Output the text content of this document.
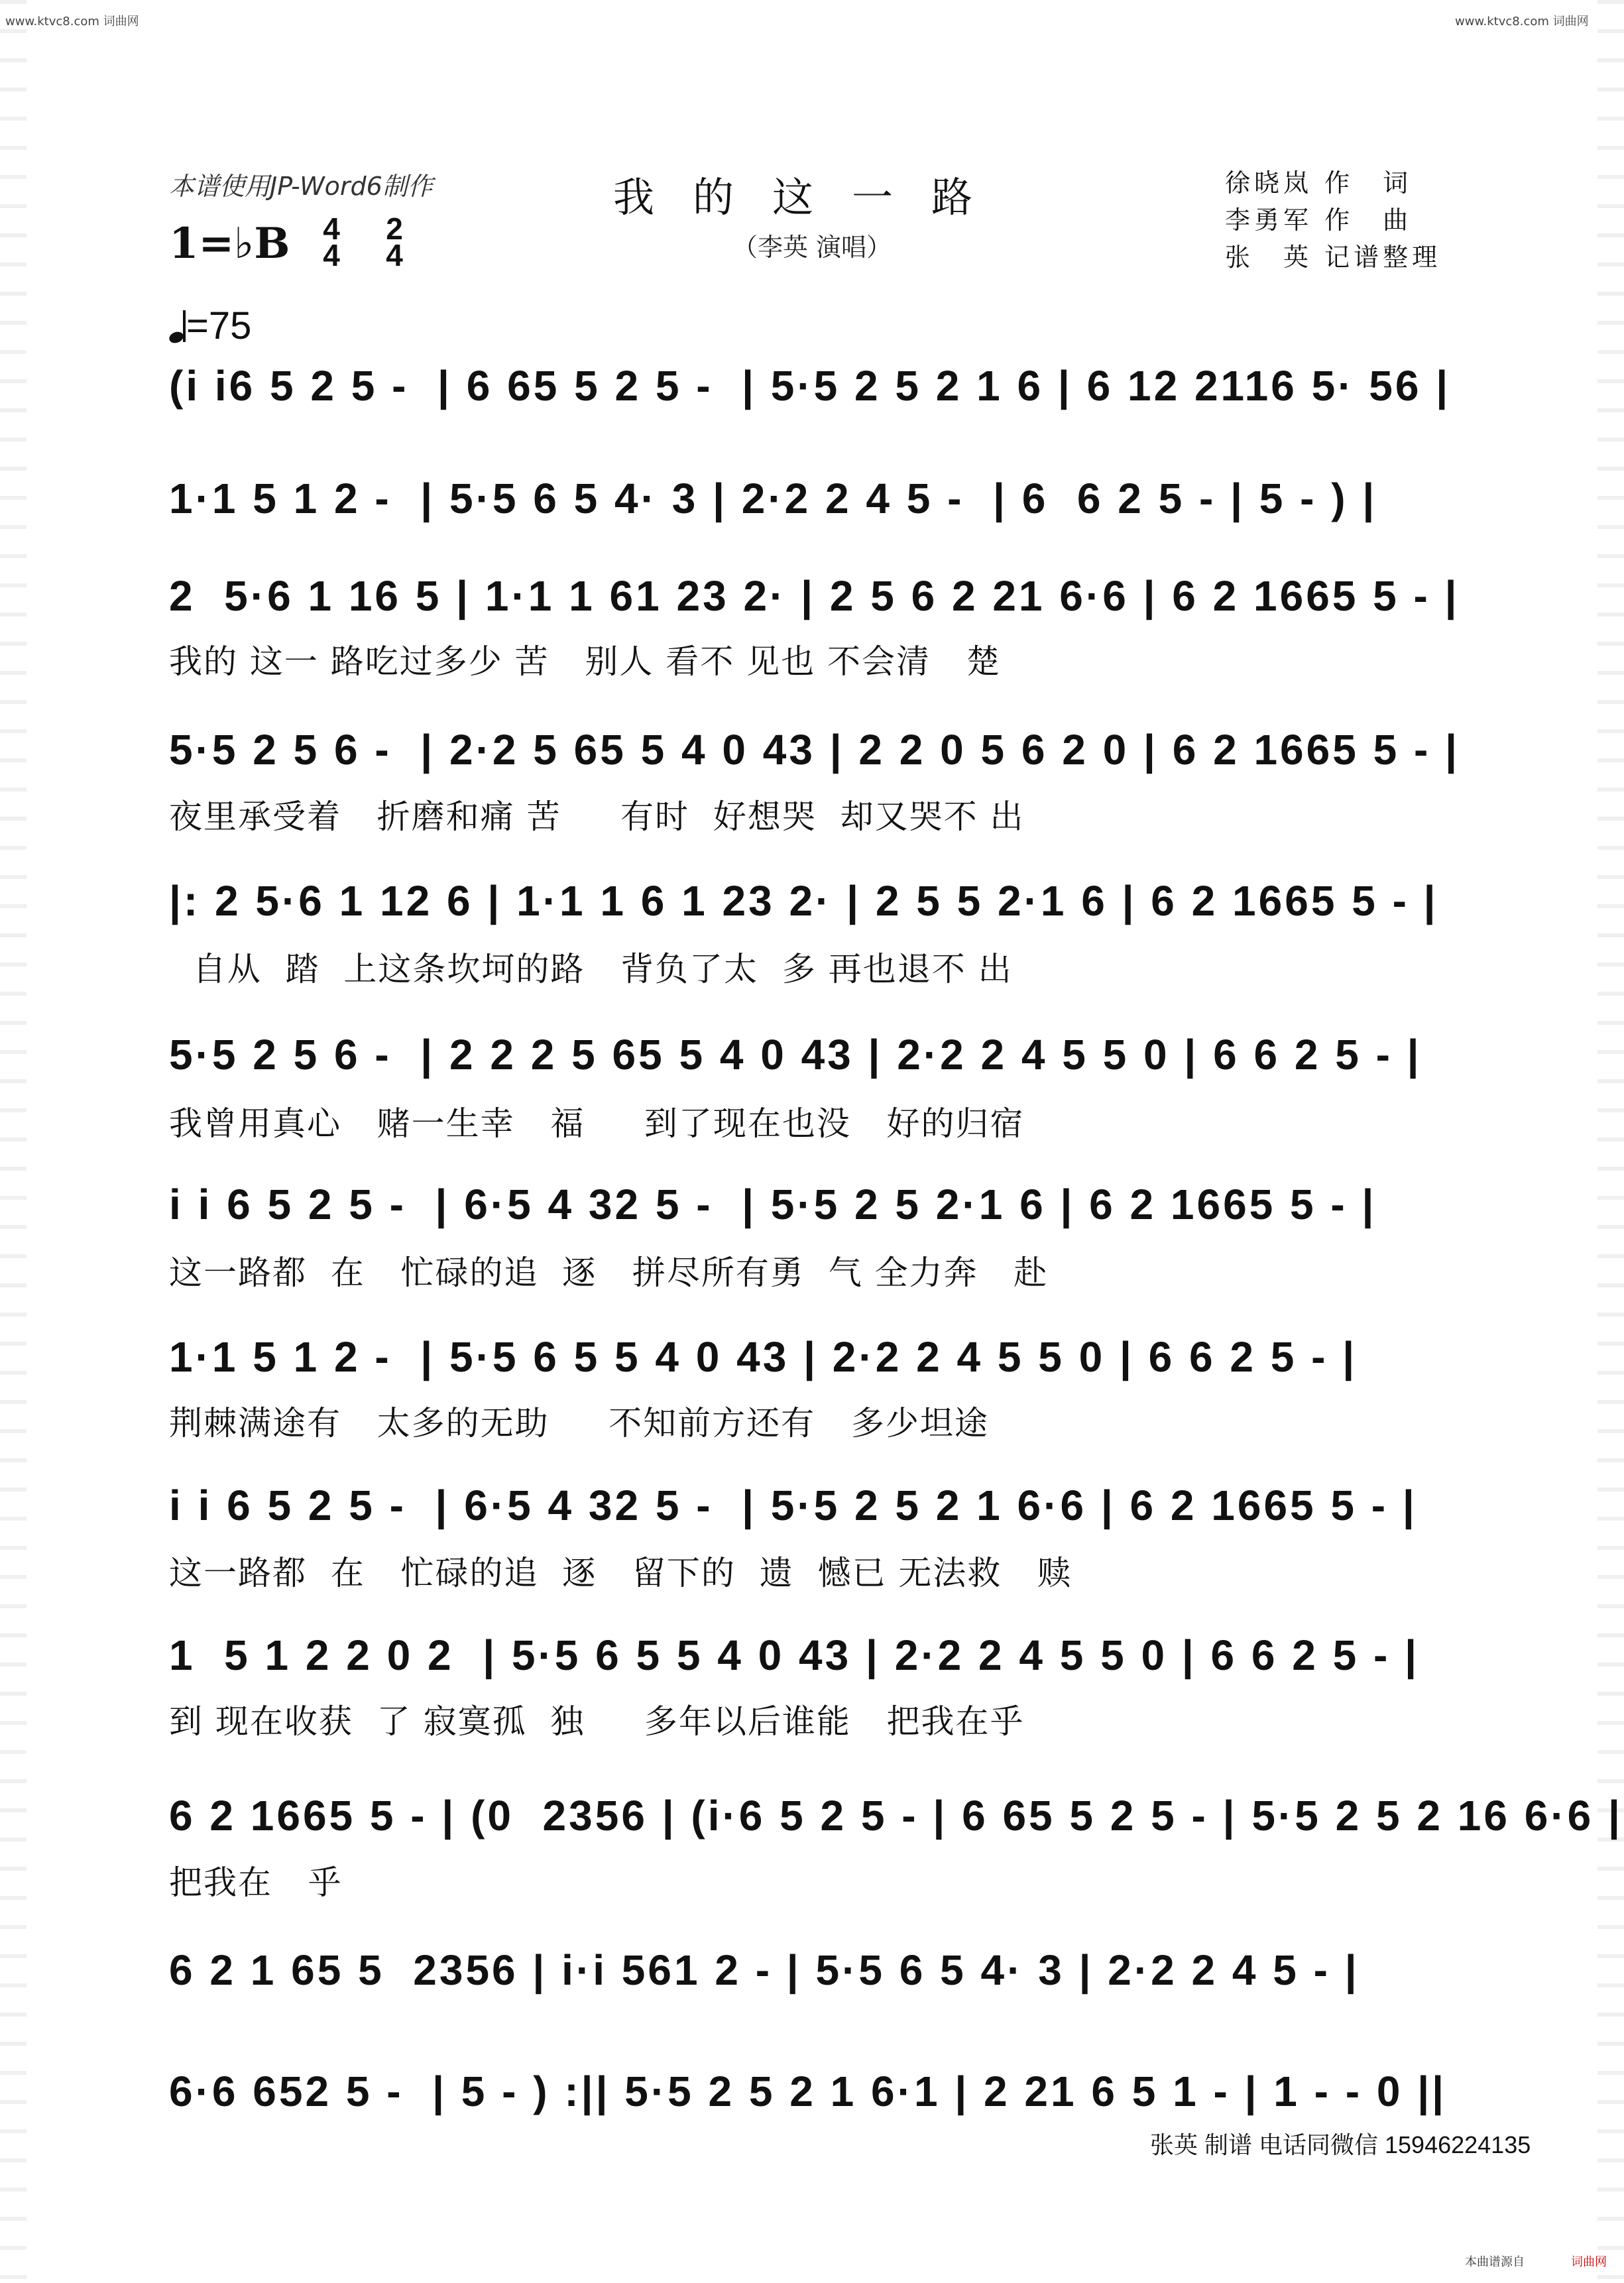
www.ktvc8.com 词曲网	www.ktvc8.com 词曲网
本谱使用JP-Word6制作	我的这一路
（李英 演唱）
徐晓岚 作　词
李勇军 作　曲
张　英 记谱整理
1=♭B	4
4
2
4
=75
(i i6 5 2 5 -  | 6 65 5 2 5 -  | 5·5 2 5 2 1 6 | 6 12 2116 5· 56 |
1·1 5 1 2 -  | 5·5 6 5 4· 3 | 2·2 2 4 5 -  | 6  6 2 5 - | 5 - ) |
2  5·6 1 16 5 | 1·1 1 61 23 2· | 2 5 6 2 21 6·6 | 6 2 1665 5 - |
我的 这一 路吃过多少 苦   别人 看不 见也 不会清   楚
5·5 2 5 6 -  | 2·2 5 65 5 4 0 43 | 2 2 0 5 6 2 0 | 6 2 1665 5 - |
夜里承受着   折磨和痛 苦     有时  好想哭  却又哭不 出
|: 2 5·6 1 12 6 | 1·1 1 6 1 23 2· | 2 5 5 2·1 6 | 6 2 1665 5 - |
自从  踏  上这条坎坷的路   背负了太  多 再也退不 出
5·5 2 5 6 -  | 2 2 2 5 65 5 4 0 43 | 2·2 2 4 5 5 0 | 6 6 2 5 - |
我曾用真心   赌一生幸   福     到了现在也没   好的归宿
i i 6 5 2 5 -  | 6·5 4 32 5 -  | 5·5 2 5 2·1 6 | 6 2 1665 5 - |
这一路都  在   忙碌的追  逐   拼尽所有勇  气 全力奔   赴
1·1 5 1 2 -  | 5·5 6 5 5 4 0 43 | 2·2 2 4 5 5 0 | 6 6 2 5 - |
荆棘满途有   太多的无助     不知前方还有   多少坦途
i i 6 5 2 5 -  | 6·5 4 32 5 -  | 5·5 2 5 2 1 6·6 | 6 2 1665 5 - |
这一路都  在   忙碌的追  逐   留下的  遗  憾已 无法救   赎
1  5 1 2 2 0 2  | 5·5 6 5 5 4 0 43 | 2·2 2 4 5 5 0 | 6 6 2 5 - |
到 现在收获  了 寂寞孤  独     多年以后谁能   把我在乎
6 2 1665 5 - | (0  2356 | (i·6 5 2 5 - | 6 65 5 2 5 - | 5·5 2 5 2 16 6·6 |
把我在   乎
6 2 1 65 5  2356 | i·i 561 2 - | 5·5 6 5 4· 3 | 2·2 2 4 5 - |
6·6 652 5 -  | 5 - ) :|| 5·5 2 5 2 1 6·1 | 2 21 6 5 1 - | 1 - - 0 ||
张英 制谱 电话同微信 15946224135
本曲谱源自	词曲网
